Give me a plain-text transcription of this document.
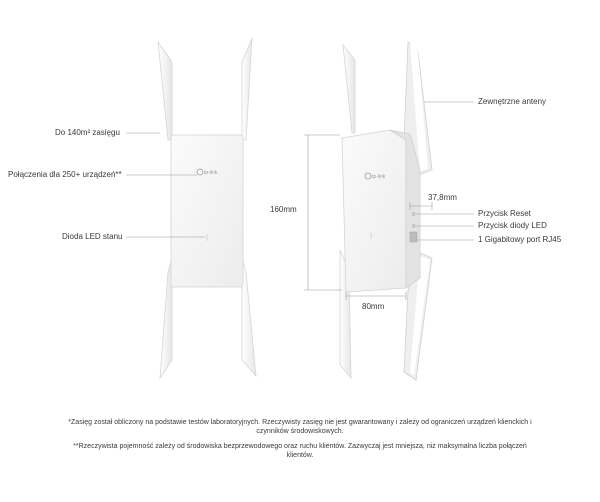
tp-link
tp-link
Do 140m² zasięgu
Połączenia dla 250+ urządzeń**
Dioda LED stanu
Zewnętrzne anteny
Przycisk Reset
Przycisk diody LED
1 Gigabitowy port RJ45
160mm
37,8mm
80mm
*Zasięg został obliczony na podstawie testów laboratoryjnych. Rzeczywisty zasięg nie jest gwarantowany i zależy od ograniczeń urządzeń klienckich i czynników środowiskowych.
**Rzeczywista pojemność zależy od środowiska bezprzewodowego oraz ruchu klientów. Zazwyczaj jest mniejsza, niż maksymalna liczba połączeń klientów.
